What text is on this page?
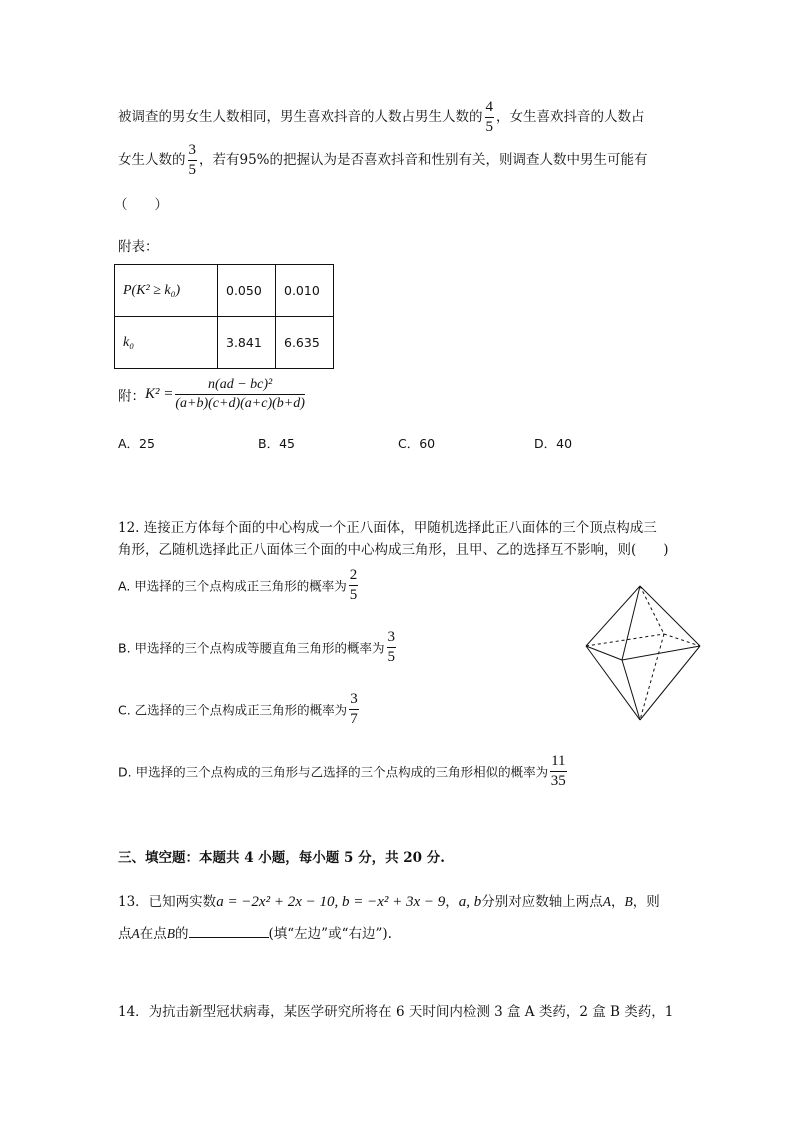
被调查的男女生人数相同，男生喜欢抖音的人数占男生人数的 $\frac{4}{5}$ ，女生喜欢抖音的人数占
女生人数的 $\frac{3}{5}$ ，若有95%的把握认为是否喜欢抖音和性别有关，则调查人数中男生可能有
（　　）
附表：
P(K² ≥ k₀)	0.050	0.010
k₀	3.841	6.635
附：$K^2 = \frac{\text{n(ad − bc)²}}{(a+b)(c+d)(a+c)(b+d)}$
A．25	B．45	C．60	D．40
12. 连接正方体每个面的中心构成一个正八面体，甲随机选择此正八面体的三个顶点构成三
角形，乙随机选择此正八面体三个面的中心构成三角形，且甲、乙的选择互不影响，则(　　)
A. 甲选择的三个点构成正三角形的概率为 $\frac{2}{5}$
B. 甲选择的三个点构成等腰直角三角形的概率为 $\frac{3}{5}$
C. 乙选择的三个点构成正三角形的概率为 $\frac{3}{7}$
D. 甲选择的三个点构成的三角形与乙选择的三个点构成的三角形相似的概率为 $\frac{11}{35}$
三、填空题：本题共 4 小题，每小题 5 分，共 20 分.
13．已知两实数a = −2x² + 2x − 10, b = −x² + 3x − 9，a, b分别对应数轴上两点A，B，则
点A在点B的	(填“左边”或“右边”).
14．为抗击新型冠状病毒，某医学研究所将在 6 天时间内检测 3 盒 A 类药，2 盒 B 类药，1
